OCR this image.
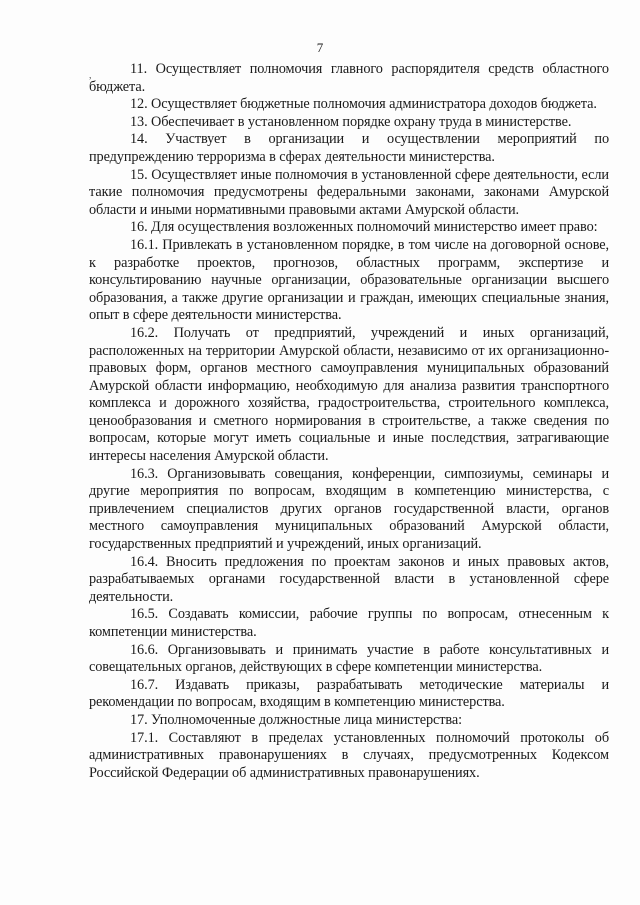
7
,	11. Осуществляет полномочия главного распорядителя средств областного бюджета.

12. Осуществляет бюджетные полномочия администратора доходов бюджета.

13. Обеспечивает в установленном порядке охрану труда в министерстве.

14. Участвует в организации и осуществлении мероприятий по предупреждению терроризма в сферах деятельности министерства.

15. Осуществляет иные полномочия в установленной сфере деятельности, если такие полномочия предусмотрены федеральными законами, законами Амурской области и иными нормативными правовыми актами Амурской области.

16. Для осуществления возложенных полномочий министерство имеет право:

16.1. Привлекать в установленном порядке, в том числе на договорной основе, к разработке проектов, прогнозов, областных программ, экспертизе и консультированию научные организации, образовательные организации высшего образования, а также другие организации и граждан, имеющих специальные знания, опыт в сфере деятельности министерства.

16.2. Получать от предприятий, учреждений и иных организаций, расположенных на территории Амурской области, независимо от их организационно-правовых форм, органов местного самоуправления муниципальных образований Амурской области информацию, необходимую для анализа развития транспортного комплекса и дорожного хозяйства, градостроительства, строительного комплекса, ценообразования и сметного нормирования в строительстве, а также сведения по вопросам, которые могут иметь социальные и иные последствия, затрагивающие интересы населения Амурской области.

16.3. Организовывать совещания, конференции, симпозиумы, семинары и другие мероприятия по вопросам, входящим в компетенцию министерства, с привлечением специалистов других органов государственной власти, органов местного самоуправления муниципальных образований Амурской области, государственных предприятий и учреждений, иных организаций.

16.4. Вносить предложения по проектам законов и иных правовых актов, разрабатываемых органами государственной власти в установленной сфере деятельности.

16.5. Создавать комиссии, рабочие группы по вопросам, отнесенным к компетенции министерства.

16.6. Организовывать и принимать участие в работе консультативных и совещательных органов, действующих в сфере компетенции министерства.

16.7. Издавать приказы, разрабатывать методические материалы и рекомендации по вопросам, входящим в компетенцию министерства.

17. Уполномоченные должностные лица министерства:

17.1. Составляют в пределах установленных полномочий протоколы об административных правонарушениях в случаях, предусмотренных Кодексом Российской Федерации об административных правонарушениях.
